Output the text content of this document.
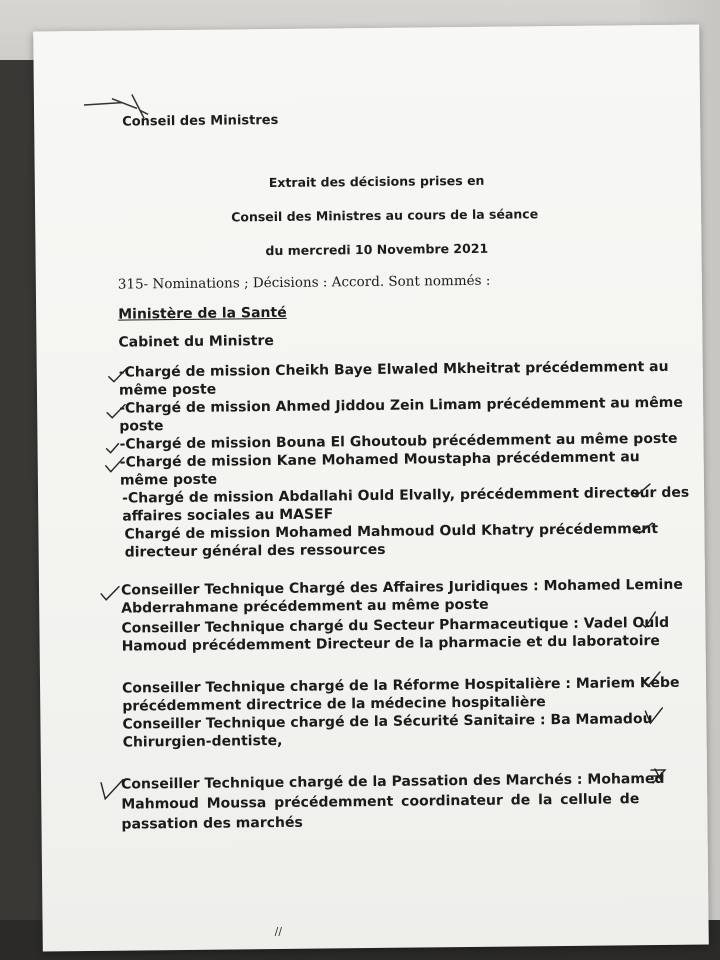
Conseil des Ministres
Extrait des décisions prises en
Conseil des Ministres au cours de la séance
du mercredi 10 Novembre 2021
315- Nominations ; Décisions : Accord. Sont nommés :
Ministère de la Santé
Cabinet du Ministre
-Chargé de mission Cheikh Baye Elwaled Mkheitrat précédemment au
même poste
-Chargé de mission Ahmed Jiddou Zein Limam précédemment au même
poste
-Chargé de mission Bouna El Ghoutoub précédemment au même poste
-Chargé de mission Kane Mohamed Moustapha précédemment au
même poste
-Chargé de mission Abdallahi Ould Elvally, précédemment directeur des
affaires sociales au MASEF
Chargé de mission Mohamed Mahmoud Ould Khatry précédemment
directeur général des ressources
Conseiller Technique Chargé des Affaires Juridiques : Mohamed Lemine
Abderrahmane précédemment au même poste
Conseiller Technique chargé du Secteur Pharmaceutique : Vadel Ould
Hamoud précédemment Directeur de la pharmacie et du laboratoire
Conseiller Technique chargé de la Réforme Hospitalière : Mariem Kebe
précédemment directrice de la médecine hospitalière
Conseiller Technique chargé de la Sécurité Sanitaire : Ba Mamadou
Chirurgien-dentiste,
Conseiller Technique chargé de la Passation des Marchés : Mohamed
Mahmoud Moussa précédemment coordinateur de la cellule de
passation des marchés
//
